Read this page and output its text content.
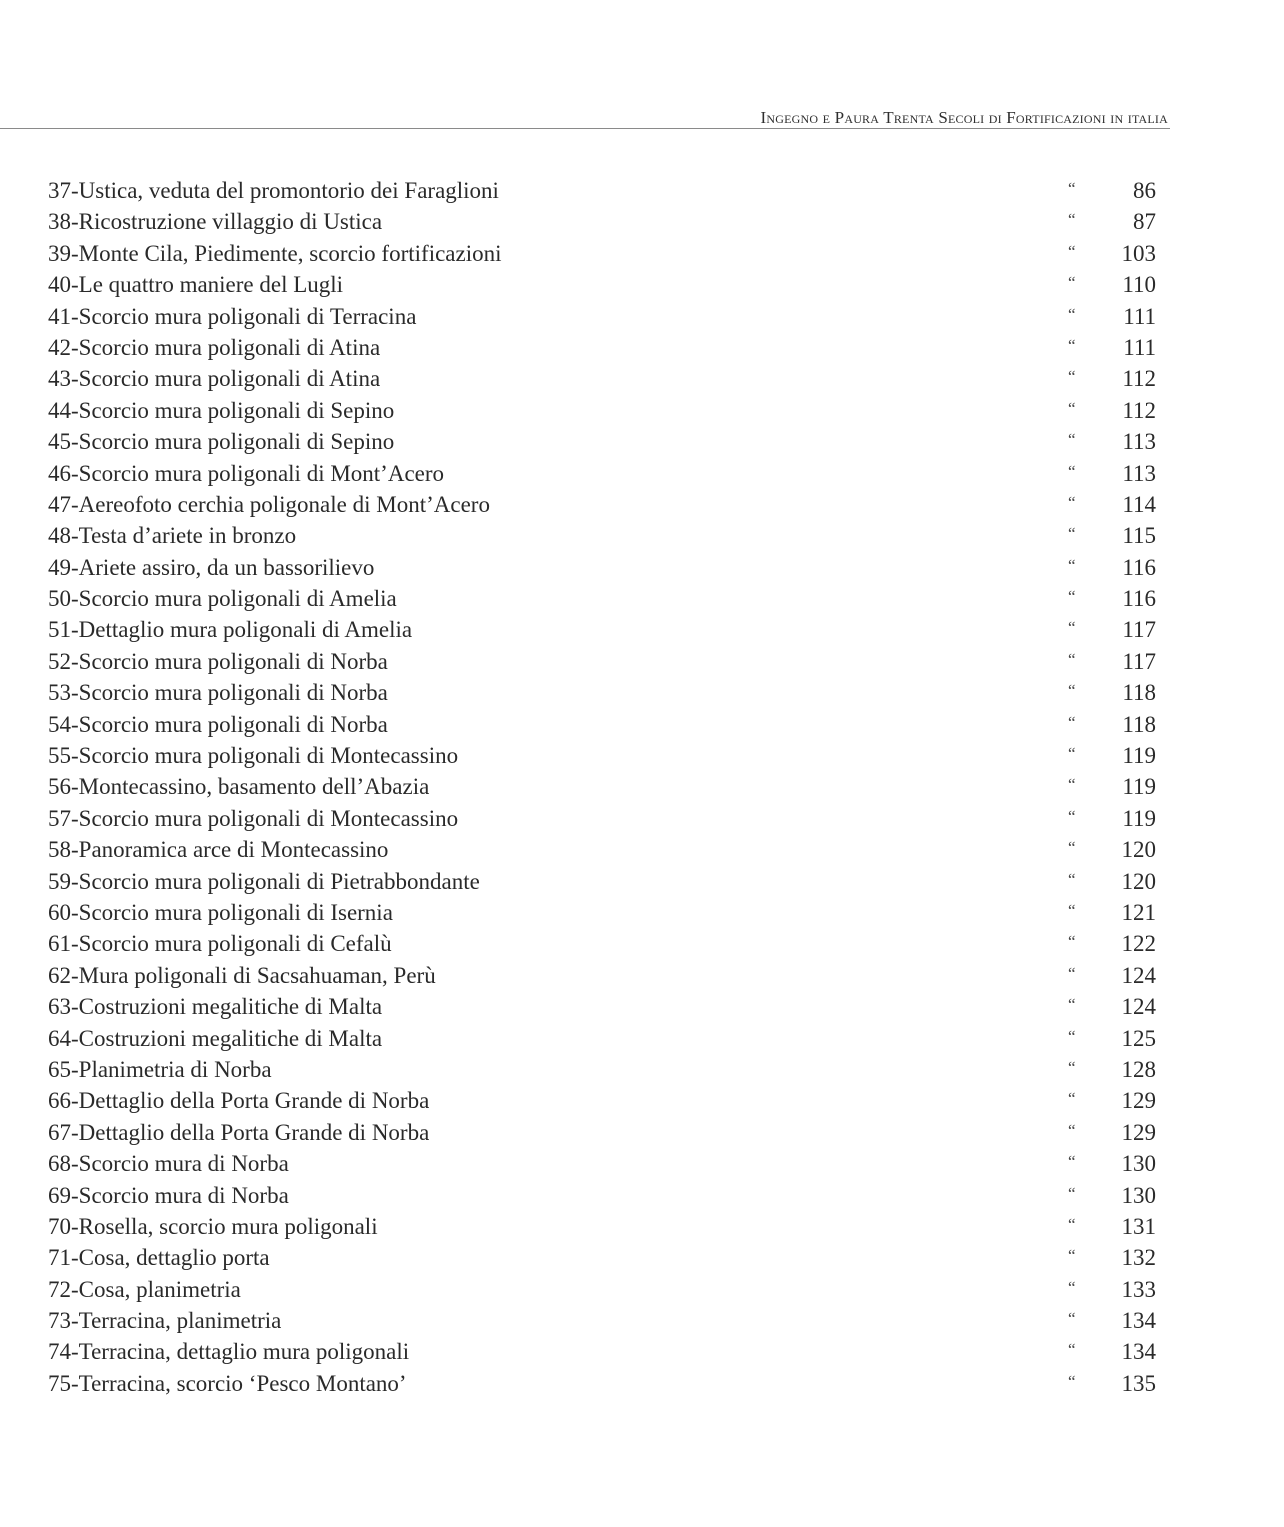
Ingegno e Paura Trenta Secoli di Fortificazioni in italia
37-Ustica, veduta del promontorio dei Faraglioni	“ 86
38-Ricostruzione villaggio di Ustica	“ 87
39-Monte Cila, Piedimente, scorcio fortificazioni	“ 103
40-Le quattro maniere del Lugli	“ 110
41-Scorcio mura poligonali di Terracina	“ 111
42-Scorcio mura poligonali di Atina	“ 111
43-Scorcio mura poligonali di Atina	“ 112
44-Scorcio mura poligonali di Sepino	“ 112
45-Scorcio mura poligonali di Sepino	“ 113
46-Scorcio mura poligonali di Mont’Acero	“ 113
47-Aereofoto cerchia poligonale di Mont’Acero	“ 114
48-Testa d’ariete in bronzo	“ 115
49-Ariete assiro, da un bassorilievo	“ 116
50-Scorcio mura poligonali di Amelia	“ 116
51-Dettaglio mura poligonali di Amelia	“ 117
52-Scorcio mura poligonali di Norba	“ 117
53-Scorcio mura poligonali di Norba	“ 118
54-Scorcio mura poligonali di Norba	“ 118
55-Scorcio mura poligonali di Montecassino	“ 119
56-Montecassino, basamento dell’Abazia	“ 119
57-Scorcio mura poligonali di Montecassino	“ 119
58-Panoramica arce di Montecassino	“ 120
59-Scorcio mura poligonali di Pietrabbondante	“ 120
60-Scorcio mura poligonali di Isernia	“ 121
61-Scorcio mura poligonali di Cefalù	“ 122
62-Mura poligonali di Sacsahuaman, Perù	“ 124
63-Costruzioni megalitiche di Malta	“ 124
64-Costruzioni megalitiche di Malta	“ 125
65-Planimetria di Norba	“ 128
66-Dettaglio della Porta Grande di Norba	“ 129
67-Dettaglio della Porta Grande di Norba	“ 129
68-Scorcio mura di Norba	“ 130
69-Scorcio mura di Norba	“ 130
70-Rosella, scorcio mura poligonali	“ 131
71-Cosa, dettaglio porta	“ 132
72-Cosa, planimetria	“ 133
73-Terracina, planimetria	“ 134
74-Terracina, dettaglio mura poligonali	“ 134
75-Terracina, scorcio ‘Pesco Montano’	“ 135
